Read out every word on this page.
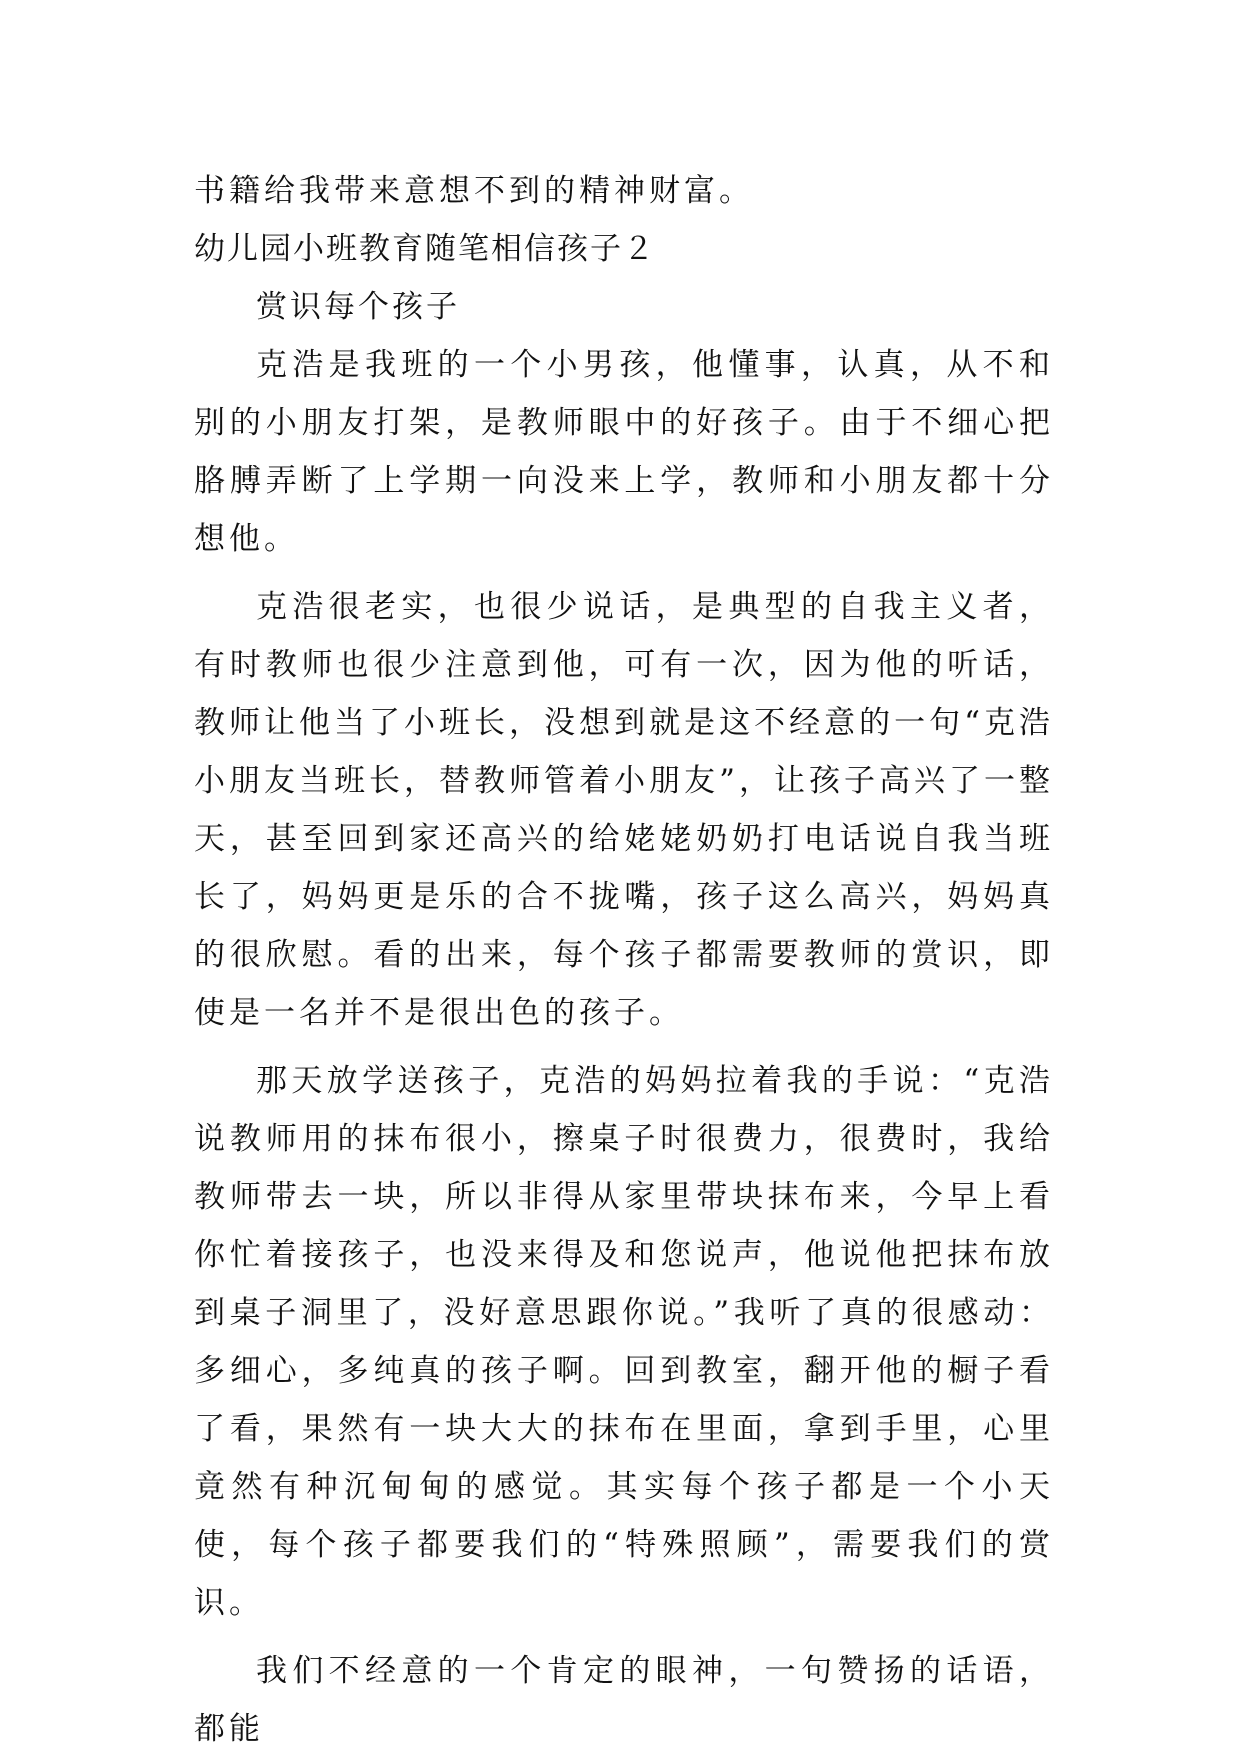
书籍给我带来意想不到的精神财富。

幼儿园小班教育随笔相信孩子２

赏识每个孩子

克浩是我班的一个小男孩，他懂事，认真，从不和别的小朋友打架，是教师眼中的好孩子。由于不细心把胳膊弄断了上学期一向没来上学，教师和小朋友都十分想他。

克浩很老实，也很少说话，是典型的自我主义者，有时教师也很少注意到他，可有一次，因为他的听话，教师让他当了小班长，没想到就是这不经意的一句“克浩小朋友当班长，替教师管着小朋友”，让孩子高兴了一整天，甚至回到家还高兴的给姥姥奶奶打电话说自我当班长了，妈妈更是乐的合不拢嘴，孩子这么高兴，妈妈真的很欣慰。看的出来，每个孩子都需要教师的赏识，即使是一名并不是很出色的孩子。

那天放学送孩子，克浩的妈妈拉着我的手说：“克浩说教师用的抹布很小，擦桌子时很费力，很费时，我给教师带去一块，所以非得从家里带块抹布来，今早上看你忙着接孩子，也没来得及和您说声，他说他把抹布放到桌子洞里了，没好意思跟你说。”我听了真的很感动：多细心，多纯真的孩子啊。回到教室，翻开他的橱子看了看，果然有一块大大的抹布在里面，拿到手里，心里竟然有种沉甸甸的感觉。其实每个孩子都是一个小天使，每个孩子都要我们的“特殊照顾”，需要我们的赏识。

我们不经意的一个肯定的眼神，一句赞扬的话语，都能
